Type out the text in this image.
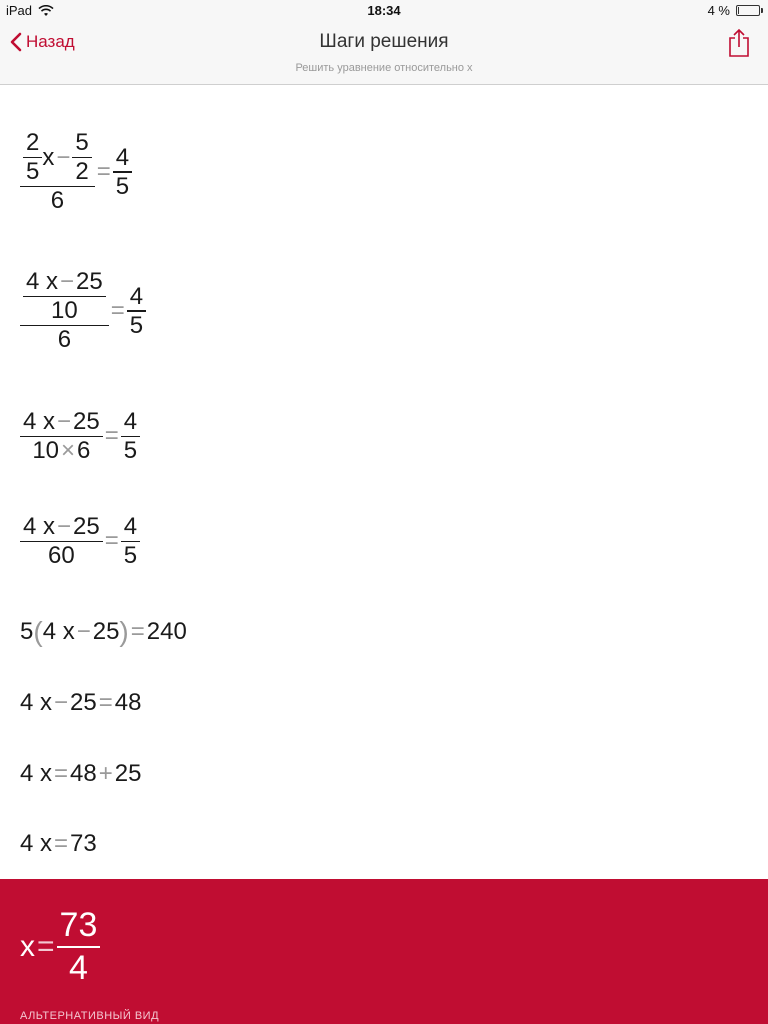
iPad	18:34	4 %
Назад	Шаги решения
Решить уравнение относительно x
$\frac{\frac{2}{5} x - \frac{5}{2}}{6} = \frac{4}{5}$
$\frac{\frac{4 x - 25}{10}}{6} = \frac{4}{5}$
$\frac{4 x - 25}{10 \times 6} = \frac{4}{5}$
$\frac{4 x - 25}{60} = \frac{4}{5}$
5 ( 4 x − 25 ) = 240
4 x − 25 = 48
4 x = 48 + 25
4 x = 73
$x = \frac{73}{4}$
АЛЬТЕРНАТИВНЫЙ ВИД
